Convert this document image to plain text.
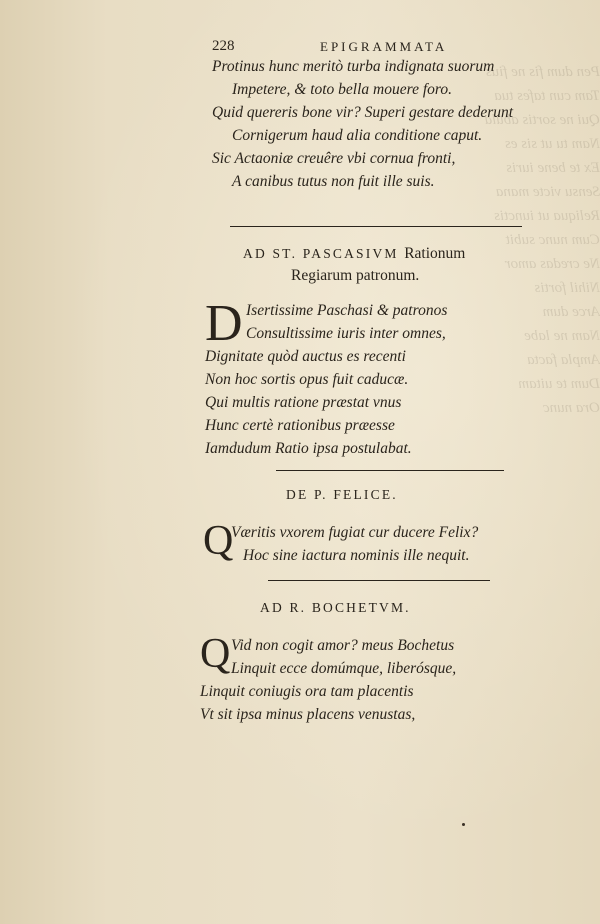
Pen dum fis ne fius
Tam cun tafes tua
Qui ne sortis abula
Nam tu ut sis es
Ex te bene iuris
Sensu victe mana
Reliqua ut iunctis
Cum nunc subit
Ne credas amor
Nihil fortis
Arce dum
Nam ne labe
Ampla facta
Dum te uitam
Ora nunc
228	EPIGRAMMATA
Protinus hunc meritò turba indignata suorum
Impetere, & toto bella mouere foro.
Quid quereris bone vir? Superi gestare dederunt
Cornigerum haud alia conditione caput.
Sic Actaoniæ creuêre vbi cornua fronti,
A canibus tutus non fuit ille suis.
AD ST. PASCASIVM Rationum
Regiarum patronum.
D Isertissime Paschasi & patronos
Consultissime iuris inter omnes,
Dignitate quòd auctus es recenti
Non hoc sortis opus fuit caducæ.
Qui multis ratione præstat vnus
Hunc certè rationibus præesse
Iamdudum Ratio ipsa postulabat.
DE P. FELICE.
Q
Væritis vxorem fugiat cur ducere Felix?
Hoc sine iactura nominis ille nequit.
AD R. BOCHETVM.
Q Vid non cogit amor? meus Bochetus
Linquit ecce domúmque, liberósque,
Linquit coniugis ora tam placentis
Vt sit ipsa minus placens venustas,
